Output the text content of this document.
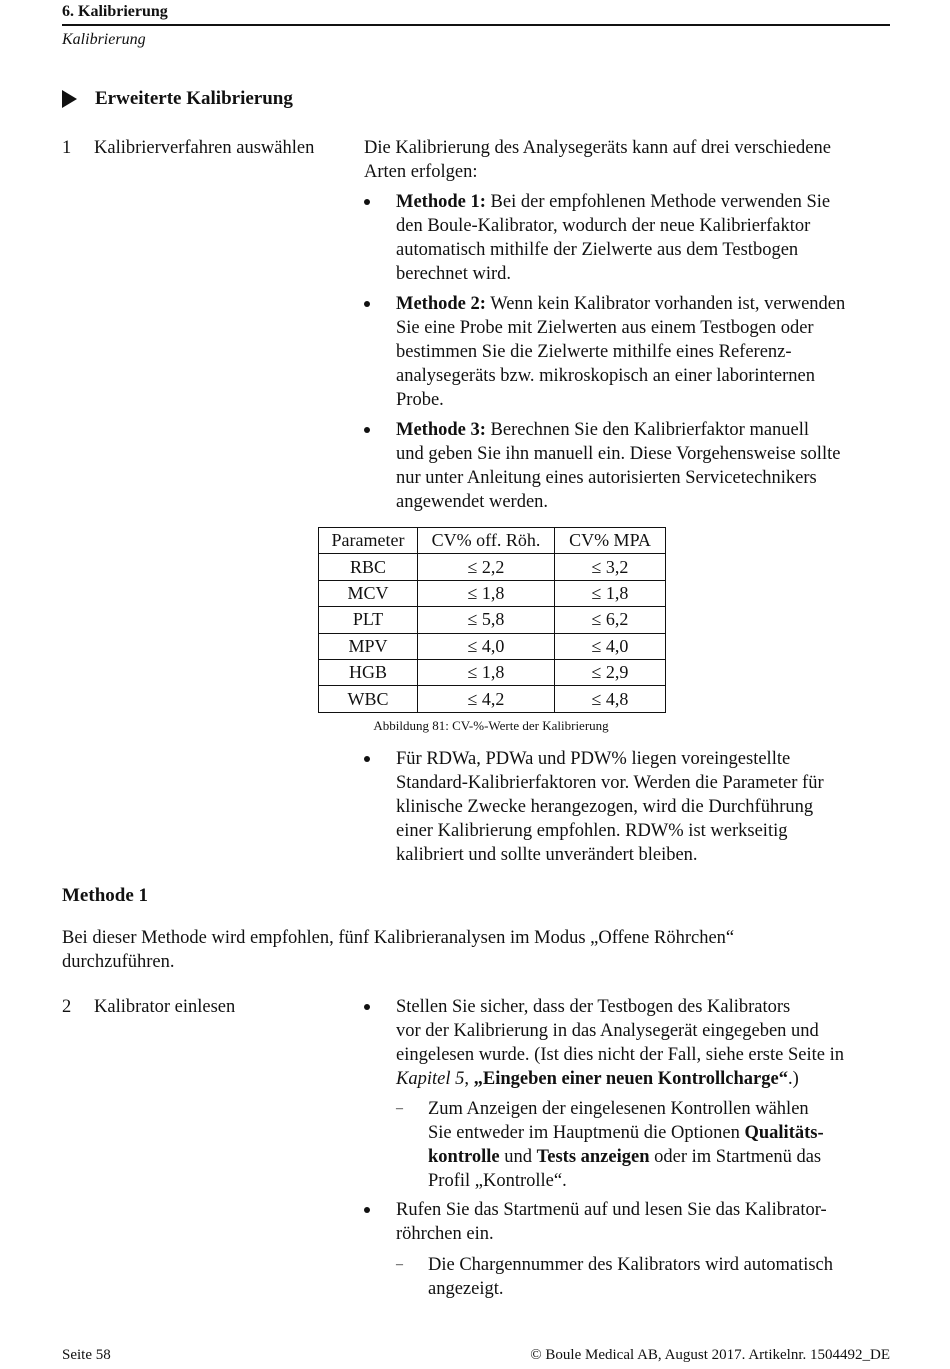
6. Kalibrierung
Kalibrierung
Erweiterte Kalibrierung
1 Kalibrierverfahren auswählen	Die Kalibrierung des Analysegeräts kann auf drei verschiedene
Arten erfolgen:
Methode 1: Bei der empfohlenen Methode verwenden Sie
den Boule-Kalibrator, wodurch der neue Kalibrierfaktor
automatisch mithilfe der Zielwerte aus dem Testbogen
berechnet wird.
Methode 2: Wenn kein Kalibrator vorhanden ist, verwenden
Sie eine Probe mit Zielwerten aus einem Testbogen oder
bestimmen Sie die Zielwerte mithilfe eines Referenz-
analysegeräts bzw. mikroskopisch an einer laborinternen
Probe.
Methode 3: Berechnen Sie den Kalibrierfaktor manuell
und geben Sie ihn manuell ein. Diese Vorgehensweise sollte
nur unter Anleitung eines autorisierten Servicetechnikers
angewendet werden.
Parameter	CV% off. Röh.	CV% MPA
RBC	≤ 2,2	≤ 3,2
MCV	≤ 1,8	≤ 1,8
PLT	≤ 5,8	≤ 6,2
MPV	≤ 4,0	≤ 4,0
HGB	≤ 1,8	≤ 2,9
WBC	≤ 4,2	≤ 4,8
Abbildung 81: CV-%-Werte der Kalibrierung
Für RDWa, PDWa und PDW% liegen voreingestellte
Standard-Kalibrierfaktoren vor. Werden die Parameter für
klinische Zwecke herangezogen, wird die Durchführung
einer Kalibrierung empfohlen. RDW% ist werkseitig
kalibriert und sollte unverändert bleiben.
Methode 1
Bei dieser Methode wird empfohlen, fünf Kalibrieranalysen im Modus „Offene Röhrchen“
durchzuführen.
2 Kalibrator einlesen	Stellen Sie sicher, dass der Testbogen des Kalibrators
vor der Kalibrierung in das Analysegerät eingegeben und
eingelesen wurde. (Ist dies nicht der Fall, siehe erste Seite in
Kapitel 5, „Eingeben einer neuen Kontrollcharge“.)
– Zum Anzeigen der eingelesenen Kontrollen wählen
Sie entweder im Hauptmenü die Optionen Qualitäts-
kontrolle und Tests anzeigen oder im Startmenü das
Profil „Kontrolle“.
Rufen Sie das Startmenü auf und lesen Sie das Kalibrator-
röhrchen ein.
– Die Chargennummer des Kalibrators wird automatisch
angezeigt.
Seite 58	© Boule Medical AB, August 2017. Artikelnr. 1504492_DE
